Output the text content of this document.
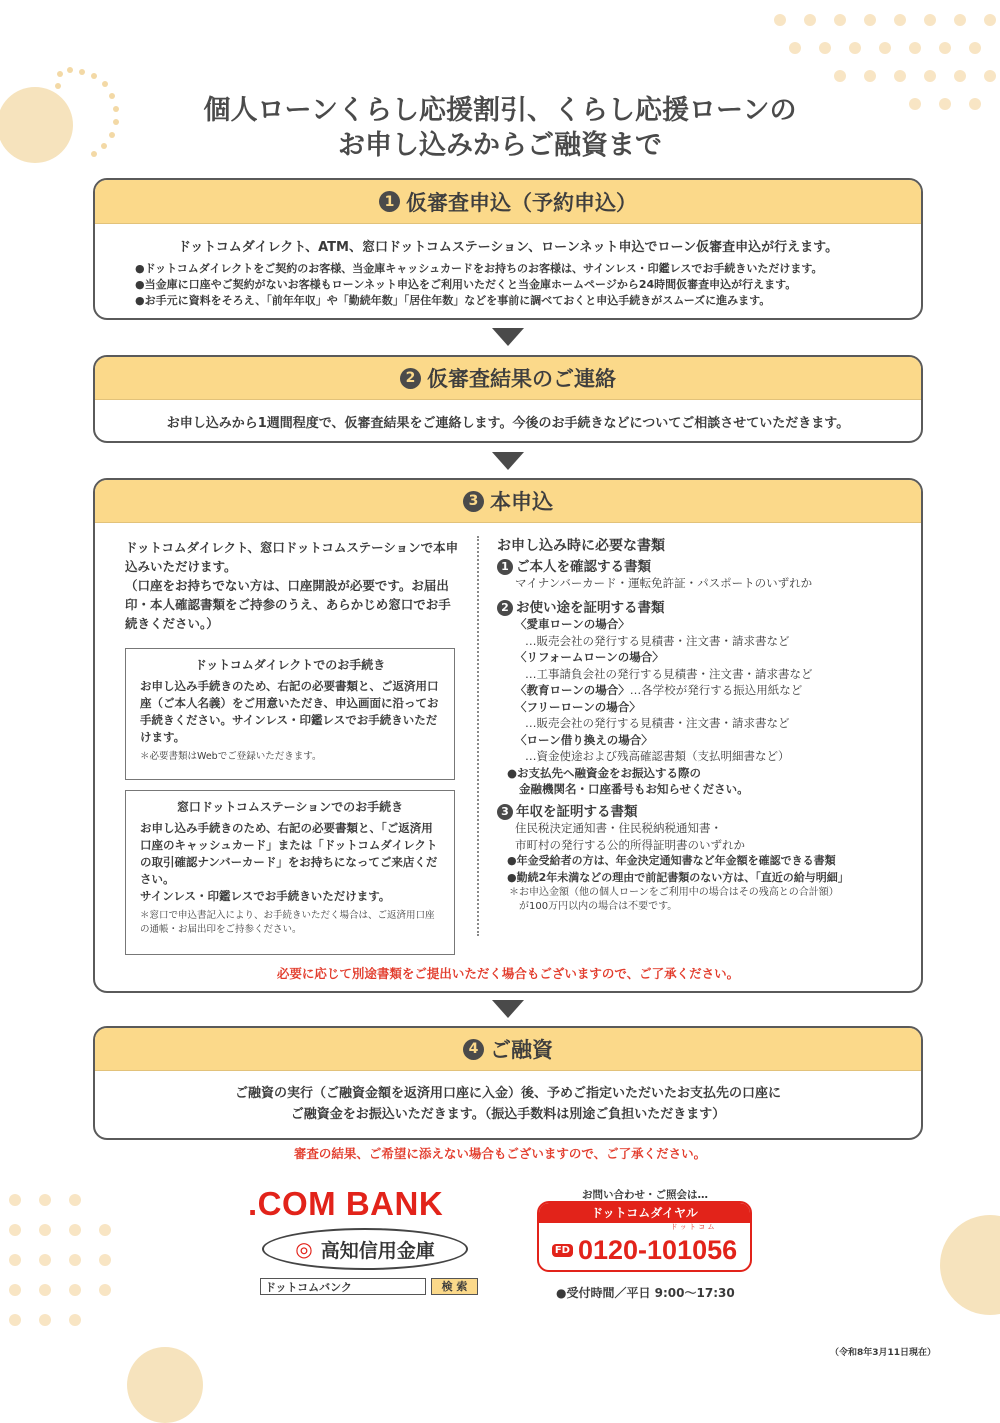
個人ローンくらし応援割引、くらし応援ローンの
お申し込みからご融資まで
1 仮審査申込（予約申込）
ドットコムダイレクト、ATM、窓口ドットコムステーション、ローンネット申込でローン仮審査申込が行えます。
●ドットコムダイレクトをご契約のお客様、当金庫キャッシュカードをお持ちのお客様は、サインレス・印鑑レスでお手続きいただけます。
●当金庫に口座やご契約がないお客様もローンネット申込をご利用いただくと当金庫ホームページから24時間仮審査申込が行えます。
●お手元に資料をそろえ、「前年年収」や「勤続年数」「居住年数」などを事前に調べておくと申込手続きがスムーズに進みます。
2 仮審査結果のご連絡
お申し込みから1週間程度で、仮審査結果をご連絡します。今後のお手続きなどについてご相談させていただきます。
3 本申込
ドットコムダイレクト、窓口ドットコムステーションで本申込みいただけます。
（口座をお持ちでない方は、口座開設が必要です。お届出印・本人確認書類をご持参のうえ、あらかじめ窓口でお手続きください。）
ドットコムダイレクトでのお手続き
お申し込み手続きのため、右記の必要書類と、ご返済用口座（ご本人名義）をご用意いただき、申込画面に沿ってお手続きください。サインレス・印鑑レスでお手続きいただけます。
＊必要書類はWebでご登録いただきます。
窓口ドットコムステーションでのお手続き
お申し込み手続きのため、右記の必要書類と、「ご返済用口座のキャッシュカード」または「ドットコムダイレクトの取引確認ナンバーカード」をお持ちになってご来店ください。
サインレス・印鑑レスでお手続きいただけます。
＊窓口で申込書記入により、お手続きいただく場合は、ご返済用口座の通帳・お届出印をご持参ください。
お申し込み時に必要な書類
1 ご本人を確認する書類
マイナンバーカード・運転免許証・パスポートのいずれか
2 お使い途を証明する書類
〈愛車ローンの場合〉
…販売会社の発行する見積書・注文書・請求書など
〈リフォームローンの場合〉
…工事請負会社の発行する見積書・注文書・請求書など
〈教育ローンの場合〉 …各学校が発行する振込用紙など
〈フリーローンの場合〉
…販売会社の発行する見積書・注文書・請求書など
〈ローン借り換えの場合〉
…資金使途および残高確認書類（支払明細書など）
●お支払先へ融資金をお振込する際の
金融機関名・口座番号もお知らせください。
3 年収を証明する書類
住民税決定通知書・住民税納税通知書・
市町村の発行する公的所得証明書のいずれか
●年金受給者の方は、年金決定通知書など年金額を確認できる書類
●勤続2年未満などの理由で前記書類のない方は、「直近の給与明細」
＊お申込金額（他の個人ローンをご利用中の場合はその残高との合計額）
が100万円以内の場合は不要です。
必要に応じて別途書類をご提出いただく場合もございますので、ご了承ください。
4 ご融資
ご融資の実行（ご融資金額を返済用口座に入金）後、予めご指定いただいたお支払先の口座に
ご融資金をお振込いただきます。（振込手数料は別途ご負担いただきます）
審査の結果、ご希望に添えない場合もございますので、ご了承ください。
.COM BANK
◎ 高知信用金庫
ドットコムバンク	検 索
お問い合わせ・ご照会は…
ドットコムダイヤル
ド ッ ト コ ム
FD 0120-101056
●受付時間／平日 9:00〜17:30
（令和8年3月11日現在）
